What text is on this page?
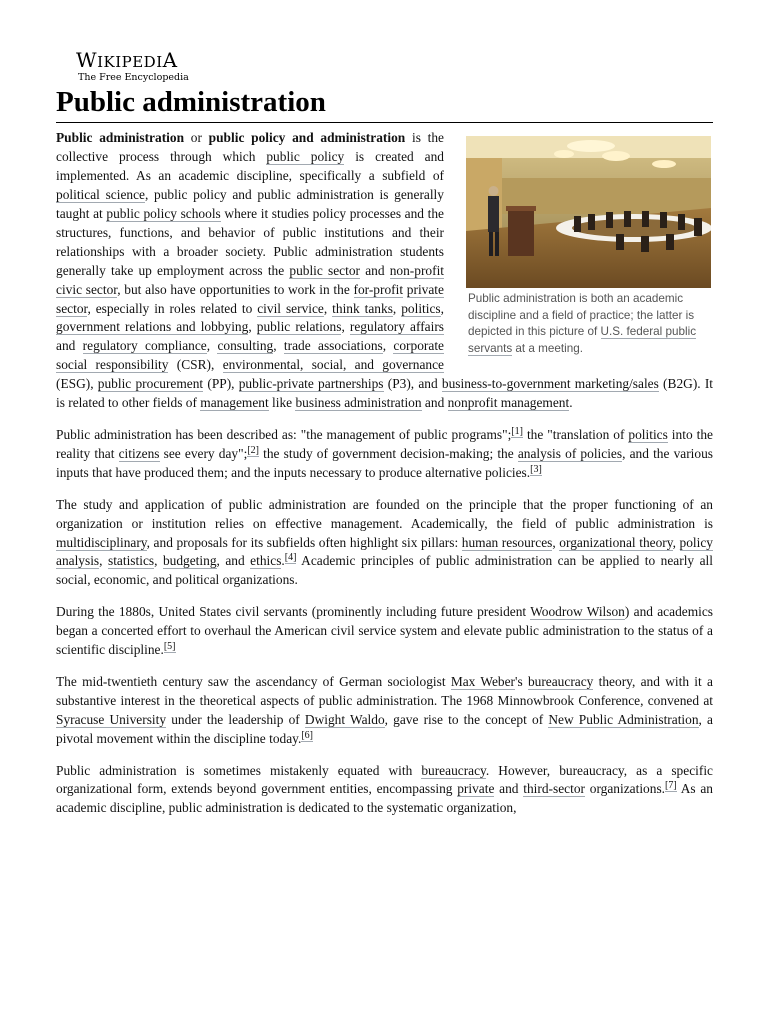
WIKIPEDIA
The Free Encyclopedia
Public administration
Public administration is both an academic discipline and a field of practice; the latter is depicted in this picture of U.S. federal public servants at a meeting.

Public administration or public policy and administration is the collective process through which public policy is created and implemented. As an academic discipline, specifically a subfield of political science, public policy and public administration is generally taught at public policy schools where it studies policy processes and the structures, functions, and behavior of public institutions and their relationships with a broader society. Public administration students generally take up employment across the public sector and non-profit civic sector, but also have opportunities to work in the for-profit private sector, especially in roles related to civil service, think tanks, politics, government relations and lobbying, public relations, regulatory affairs and regulatory compliance, consulting, trade associations, corporate social responsibility (CSR), environmental, social, and governance (ESG), public procurement (PP), public-private partnerships (P3), and business-to-government marketing/sales (B2G). It is related to other fields of management like business administration and nonprofit management.

Public administration has been described as: "the management of public programs";[1] the "translation of politics into the reality that citizens see every day";[2] the study of government decision-making; the analysis of policies, and the various inputs that have produced them; and the inputs necessary to produce alternative policies.[3]

The study and application of public administration are founded on the principle that the proper functioning of an organization or institution relies on effective management. Academically, the field of public administration is multidisciplinary, and proposals for its subfields often highlight six pillars: human resources, organizational theory, policy analysis, statistics, budgeting, and ethics.[4] Academic principles of public administration can be applied to nearly all social, economic, and political organizations.

During the 1880s, United States civil servants (prominently including future president Woodrow Wilson) and academics began a concerted effort to overhaul the American civil service system and elevate public administration to the status of a scientific discipline.[5]

The mid-twentieth century saw the ascendancy of German sociologist Max Weber's bureaucracy theory, and with it a substantive interest in the theoretical aspects of public administration. The 1968 Minnowbrook Conference, convened at Syracuse University under the leadership of Dwight Waldo, gave rise to the concept of New Public Administration, a pivotal movement within the discipline today.[6]

Public administration is sometimes mistakenly equated with bureaucracy. However, bureaucracy, as a specific organizational form, extends beyond government entities, encompassing private and third-sector organizations.[7] As an academic discipline, public administration is dedicated to the systematic organization,
